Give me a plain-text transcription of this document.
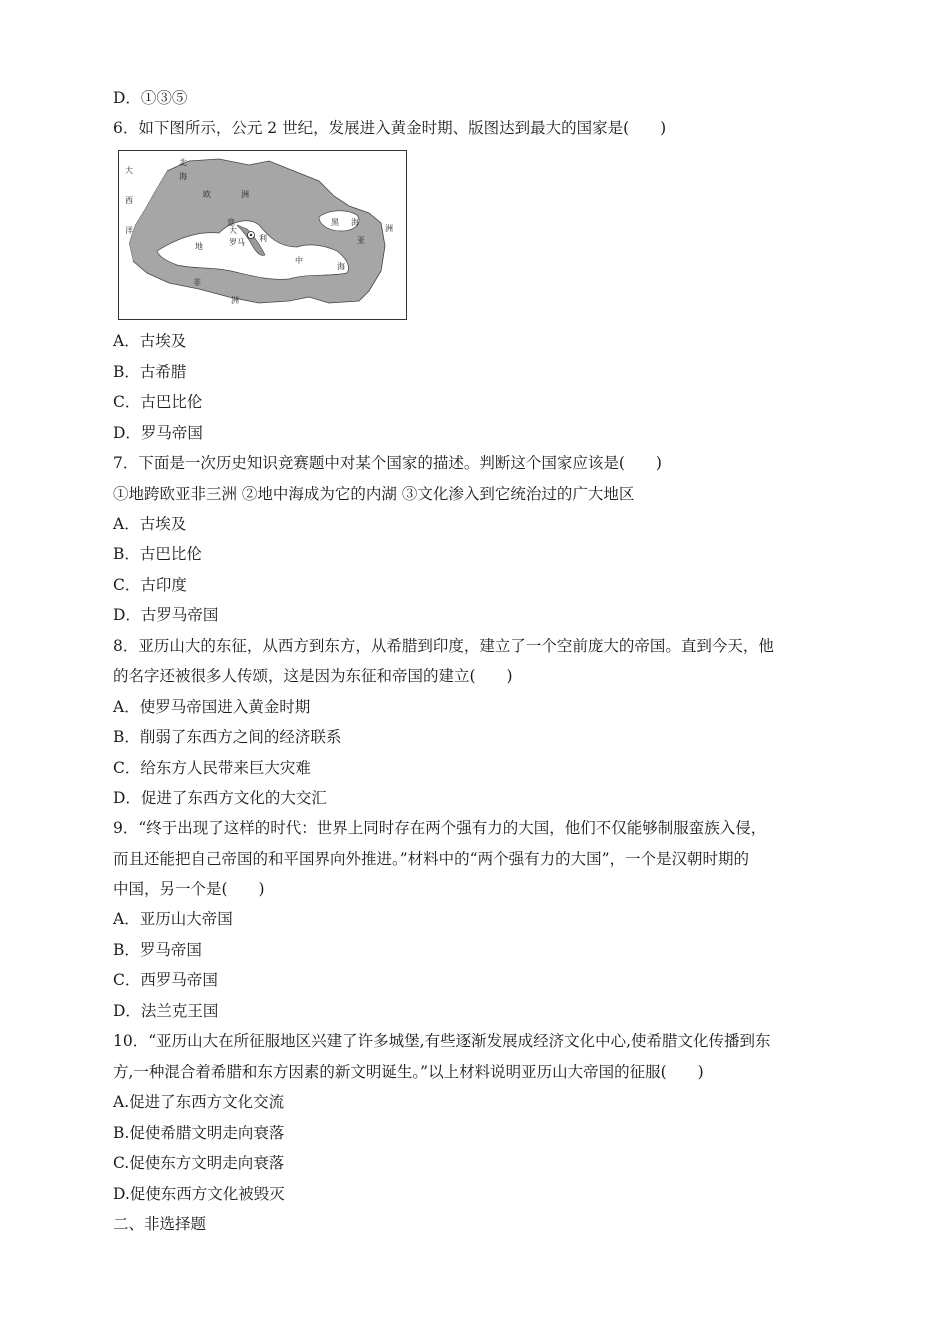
D．①③⑤
6．如下图所示，公元 2 世纪，发展进入黄金时期、版图达到最大的国家是(　　)
大
西
洋
北
海
欧	洲
意
大
利
罗马
黑 海
亚
洲
地
中
海
非
洲
A．古埃及
B．古希腊
C．古巴比伦
D．罗马帝国
7．下面是一次历史知识竞赛题中对某个国家的描述。判断这个国家应该是(　　)
①地跨欧亚非三洲 ②地中海成为它的内湖 ③文化渗入到它统治过的广大地区
A．古埃及
B．古巴比伦
C．古印度
D．古罗马帝国
8．亚历山大的东征，从西方到东方，从希腊到印度，建立了一个空前庞大的帝国。直到今天，他
的名字还被很多人传颂，这是因为东征和帝国的建立(　　)
A．使罗马帝国进入黄金时期
B．削弱了东西方之间的经济联系
C．给东方人民带来巨大灾难
D．促进了东西方文化的大交汇
9．“终于出现了这样的时代：世界上同时存在两个强有力的大国，他们不仅能够制服蛮族入侵，
而且还能把自己帝国的和平国界向外推进。”材料中的“两个强有力的大国”，一个是汉朝时期的
中国，另一个是(　　)
A．亚历山大帝国
B．罗马帝国
C．西罗马帝国
D．法兰克王国
10．“亚历山大在所征服地区兴建了许多城堡,有些逐渐发展成经济文化中心,使希腊文化传播到东
方,一种混合着希腊和东方因素的新文明诞生。”以上材料说明亚历山大帝国的征服(　　)
A.促进了东西方文化交流
B.促使希腊文明走向衰落
C.促使东方文明走向衰落
D.促使东西方文化被毁灭
二、非选择题
